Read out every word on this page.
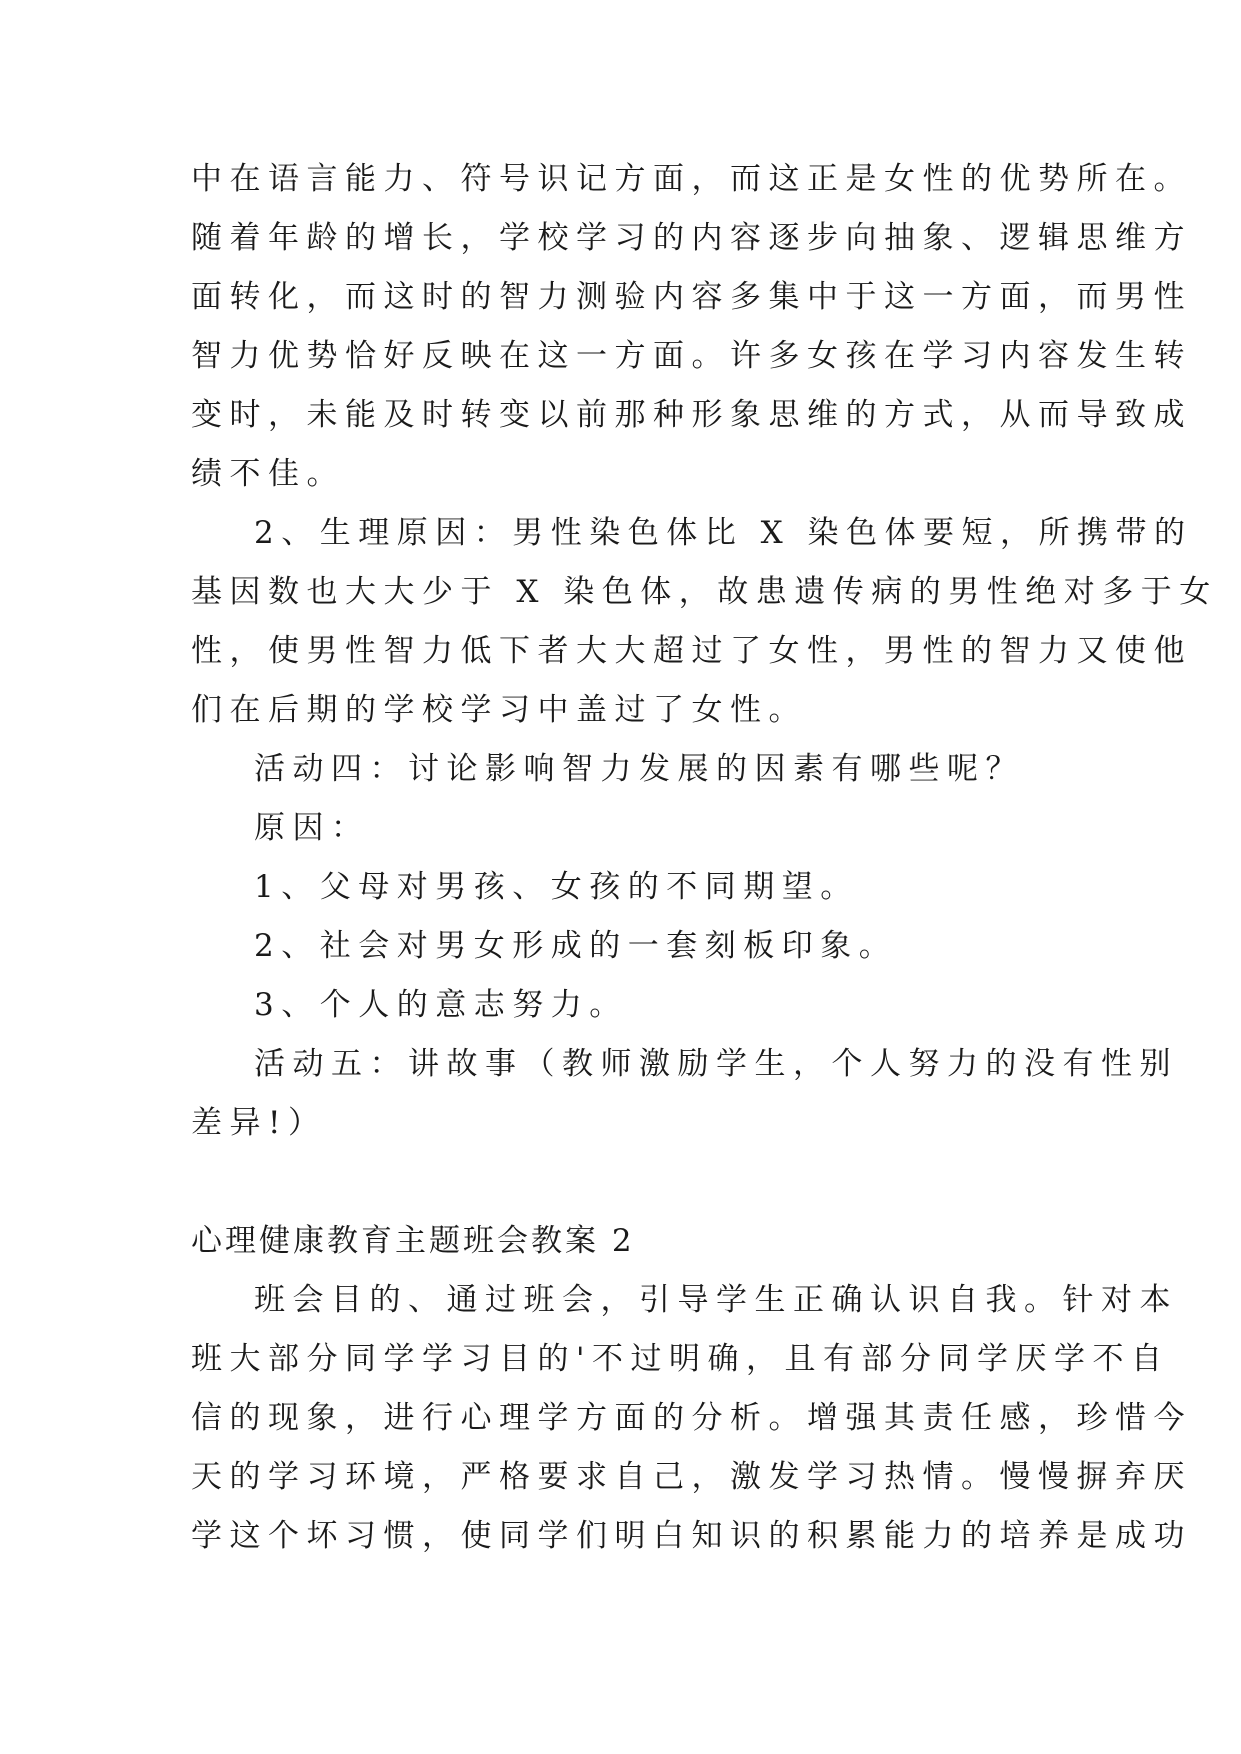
中在语言能力、符号识记方面，而这正是女性的优势所在。
随着年龄的增长，学校学习的内容逐步向抽象、逻辑思维方
面转化，而这时的智力测验内容多集中于这一方面，而男性
智力优势恰好反映在这一方面。许多女孩在学习内容发生转
变时，未能及时转变以前那种形象思维的方式，从而导致成
绩不佳。
2、生理原因：男性染色体比 X 染色体要短，所携带的
基因数也大大少于 X 染色体，故患遗传病的男性绝对多于女
性，使男性智力低下者大大超过了女性，男性的智力又使他
们在后期的学校学习中盖过了女性。
活动四：讨论影响智力发展的因素有哪些呢？
原因：
1、父母对男孩、女孩的不同期望。
2、社会对男女形成的一套刻板印象。
3、个人的意志努力。
活动五：讲故事（教师激励学生，个人努力的没有性别
差异!）
心理健康教育主题班会教案 2
班会目的、通过班会，引导学生正确认识自我。针对本
班大部分同学学习目的'不过明确，且有部分同学厌学不自
信的现象，进行心理学方面的分析。增强其责任感，珍惜今
天的学习环境，严格要求自己，激发学习热情。慢慢摒弃厌
学这个坏习惯，使同学们明白知识的积累能力的培养是成功
